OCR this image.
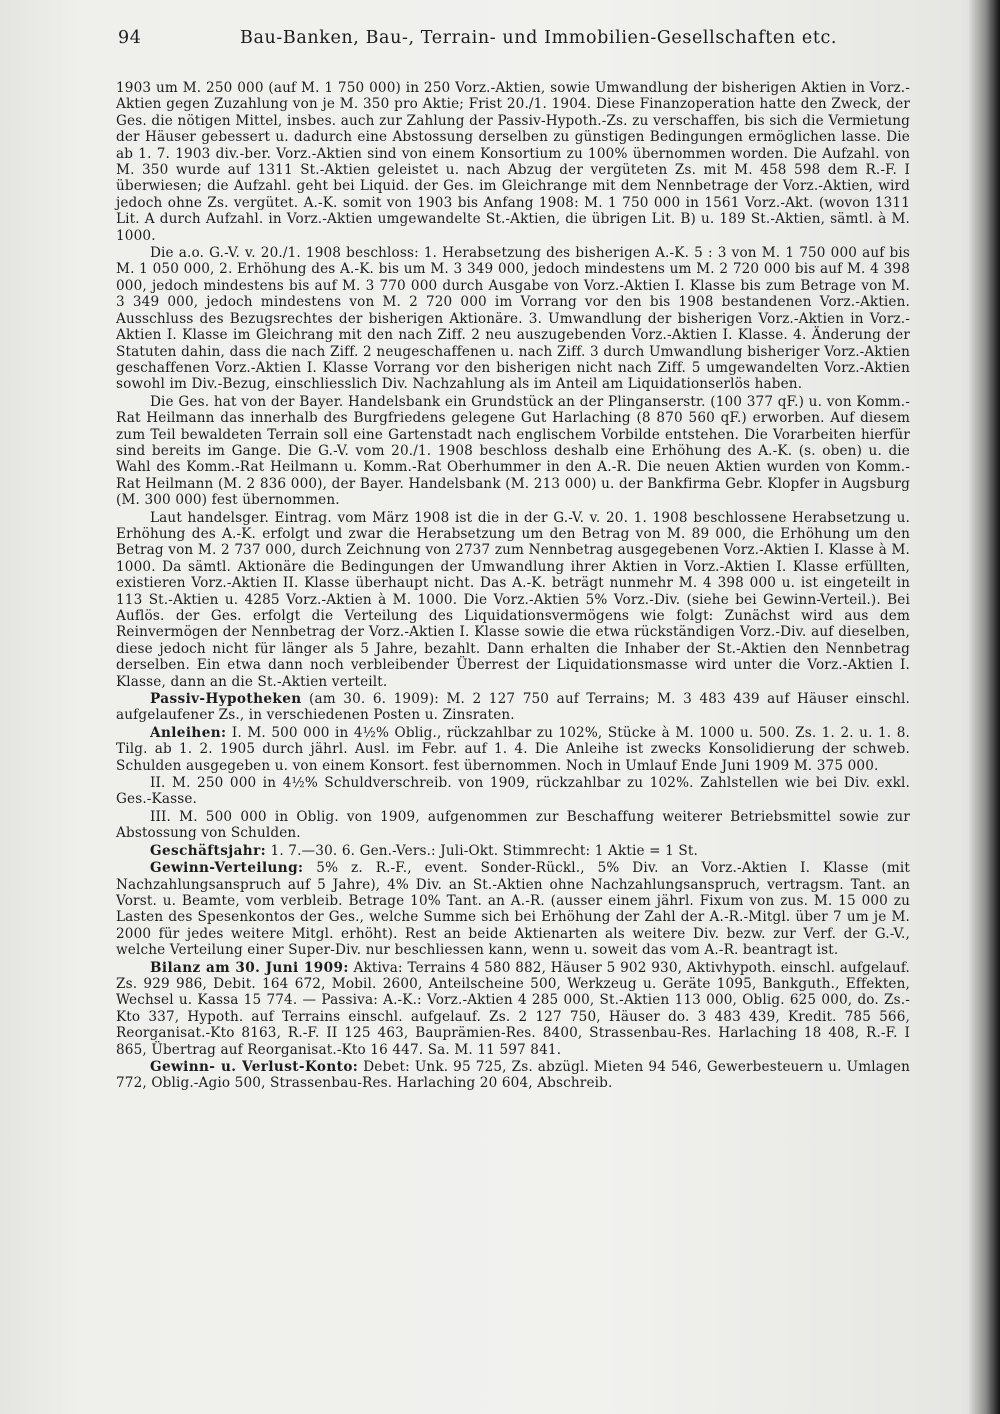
94	Bau-Banken, Bau-, Terrain- und Immobilien-Gesellschaften etc.
1903 um M. 250 000 (auf M. 1 750 000) in 250 Vorz.-Aktien, sowie Umwandlung der bisherigen Aktien in Vorz.-Aktien gegen Zuzahlung von je M. 350 pro Aktie; Frist 20./1. 1904. Diese Finanzoperation hatte den Zweck, der Ges. die nötigen Mittel, insbes. auch zur Zahlung der Passiv-Hypoth.-Zs. zu verschaffen, bis sich die Vermietung der Häuser gebessert u. dadurch eine Abstossung derselben zu günstigen Bedingungen ermöglichen lasse. Die ab 1. 7. 1903 div.-ber. Vorz.-Aktien sind von einem Konsortium zu 100% übernommen worden. Die Aufzahl. von M. 350 wurde auf 1311 St.-Aktien geleistet u. nach Abzug der vergüteten Zs. mit M. 458 598 dem R.-F. I überwiesen; die Aufzahl. geht bei Liquid. der Ges. im Gleichrange mit dem Nennbetrage der Vorz.-Aktien, wird jedoch ohne Zs. vergütet. A.-K. somit von 1903 bis Anfang 1908: M. 1 750 000 in 1561 Vorz.-Akt. (wovon 1311 Lit. A durch Aufzahl. in Vorz.-Aktien umgewandelte St.-Aktien, die übrigen Lit. B) u. 189 St.-Aktien, sämtl. à M. 1000.
Die a.o. G.-V. v. 20./1. 1908 beschloss: 1. Herabsetzung des bisherigen A.-K. 5 : 3 von M. 1 750 000 auf bis M. 1 050 000, 2. Erhöhung des A.-K. bis um M. 3 349 000, jedoch mindestens um M. 2 720 000 bis auf M. 4 398 000, jedoch mindestens bis auf M. 3 770 000 durch Ausgabe von Vorz.-Aktien I. Klasse bis zum Betrage von M. 3 349 000, jedoch mindestens von M. 2 720 000 im Vorrang vor den bis 1908 bestandenen Vorz.-Aktien. Ausschluss des Bezugsrechtes der bisherigen Aktionäre. 3. Umwandlung der bisherigen Vorz.-Aktien in Vorz.-Aktien I. Klasse im Gleichrang mit den nach Ziff. 2 neu auszugebenden Vorz.-Aktien I. Klasse. 4. Änderung der Statuten dahin, dass die nach Ziff. 2 neugeschaffenen u. nach Ziff. 3 durch Umwandlung bisheriger Vorz.-Aktien geschaffenen Vorz.-Aktien I. Klasse Vorrang vor den bisherigen nicht nach Ziff. 5 umgewandelten Vorz.-Aktien sowohl im Div.-Bezug, einschliesslich Div. Nachzahlung als im Anteil am Liquidationserlös haben.
Die Ges. hat von der Bayer. Handelsbank ein Grundstück an der Plinganserstr. (100 377 qF.) u. von Komm.-Rat Heilmann das innerhalb des Burgfriedens gelegene Gut Harlaching (8 870 560 qF.) erworben. Auf diesem zum Teil bewaldeten Terrain soll eine Gartenstadt nach englischem Vorbilde entstehen. Die Vorarbeiten hierfür sind bereits im Gange. Die G.-V. vom 20./1. 1908 beschloss deshalb eine Erhöhung des A.-K. (s. oben) u. die Wahl des Komm.-Rat Heilmann u. Komm.-Rat Oberhummer in den A.-R. Die neuen Aktien wurden von Komm.-Rat Heilmann (M. 2 836 000), der Bayer. Handelsbank (M. 213 000) u. der Bankfirma Gebr. Klopfer in Augsburg (M. 300 000) fest übernommen.
Laut handelsger. Eintrag. vom März 1908 ist die in der G.-V. v. 20. 1. 1908 beschlossene Herabsetzung u. Erhöhung des A.-K. erfolgt und zwar die Herabsetzung um den Betrag von M. 89 000, die Erhöhung um den Betrag von M. 2 737 000, durch Zeichnung von 2737 zum Nennbetrag ausgegebenen Vorz.-Aktien I. Klasse à M. 1000. Da sämtl. Aktionäre die Bedingungen der Umwandlung ihrer Aktien in Vorz.-Aktien I. Klasse erfüllten, existieren Vorz.-Aktien II. Klasse überhaupt nicht. Das A.-K. beträgt nunmehr M. 4 398 000 u. ist eingeteilt in 113 St.-Aktien u. 4285 Vorz.-Aktien à M. 1000. Die Vorz.-Aktien 5% Vorz.-Div. (siehe bei Gewinn-Verteil.). Bei Auflös. der Ges. erfolgt die Verteilung des Liquidationsvermögens wie folgt: Zunächst wird aus dem Reinvermögen der Nennbetrag der Vorz.-Aktien I. Klasse sowie die etwa rückständigen Vorz.-Div. auf dieselben, diese jedoch nicht für länger als 5 Jahre, bezahlt. Dann erhalten die Inhaber der St.-Aktien den Nennbetrag derselben. Ein etwa dann noch verbleibender Überrest der Liquidationsmasse wird unter die Vorz.-Aktien I. Klasse, dann an die St.-Aktien verteilt.
Passiv-Hypotheken (am 30. 6. 1909): M. 2 127 750 auf Terrains; M. 3 483 439 auf Häuser einschl. aufgelaufener Zs., in verschiedenen Posten u. Zinsraten.
Anleihen: I. M. 500 000 in 4½% Oblig., rückzahlbar zu 102%, Stücke à M. 1000 u. 500. Zs. 1. 2. u. 1. 8. Tilg. ab 1. 2. 1905 durch jährl. Ausl. im Febr. auf 1. 4. Die Anleihe ist zwecks Konsolidierung der schweb. Schulden ausgegeben u. von einem Konsort. fest übernommen. Noch in Umlauf Ende Juni 1909 M. 375 000.
II. M. 250 000 in 4½% Schuldverschreib. von 1909, rückzahlbar zu 102%. Zahlstellen wie bei Div. exkl. Ges.-Kasse.
III. M. 500 000 in Oblig. von 1909, aufgenommen zur Beschaffung weiterer Betriebsmittel sowie zur Abstossung von Schulden.
Geschäftsjahr: 1. 7.—30. 6. Gen.-Vers.: Juli-Okt. Stimmrecht: 1 Aktie = 1 St.
Gewinn-Verteilung: 5% z. R.-F., event. Sonder-Rückl., 5% Div. an Vorz.-Aktien I. Klasse (mit Nachzahlungsanspruch auf 5 Jahre), 4% Div. an St.-Aktien ohne Nachzahlungsanspruch, vertragsm. Tant. an Vorst. u. Beamte, vom verbleib. Betrage 10% Tant. an A.-R. (ausser einem jährl. Fixum von zus. M. 15 000 zu Lasten des Spesenkontos der Ges., welche Summe sich bei Erhöhung der Zahl der A.-R.-Mitgl. über 7 um je M. 2000 für jedes weitere Mitgl. erhöht). Rest an beide Aktienarten als weitere Div. bezw. zur Verf. der G.-V., welche Verteilung einer Super-Div. nur beschliessen kann, wenn u. soweit das vom A.-R. beantragt ist.
Bilanz am 30. Juni 1909: Aktiva: Terrains 4 580 882, Häuser 5 902 930, Aktivhypoth. einschl. aufgelauf. Zs. 929 986, Debit. 164 672, Mobil. 2600, Anteilscheine 500, Werkzeug u. Geräte 1095, Bankguth., Effekten, Wechsel u. Kassa 15 774. — Passiva: A.-K.: Vorz.-Aktien 4 285 000, St.-Aktien 113 000, Oblig. 625 000, do. Zs.-Kto 337, Hypoth. auf Terrains einschl. aufgelauf. Zs. 2 127 750, Häuser do. 3 483 439, Kredit. 785 566, Reorganisat.-Kto 8163, R.-F. II 125 463, Bauprämien-Res. 8400, Strassenbau-Res. Harlaching 18 408, R.-F. I 865, Übertrag auf Reorganisat.-Kto 16 447. Sa. M. 11 597 841.
Gewinn- u. Verlust-Konto: Debet: Unk. 95 725, Zs. abzügl. Mieten 94 546, Gewerbesteuern u. Umlagen 772, Oblig.-Agio 500, Strassenbau-Res. Harlaching 20 604, Abschreib.
